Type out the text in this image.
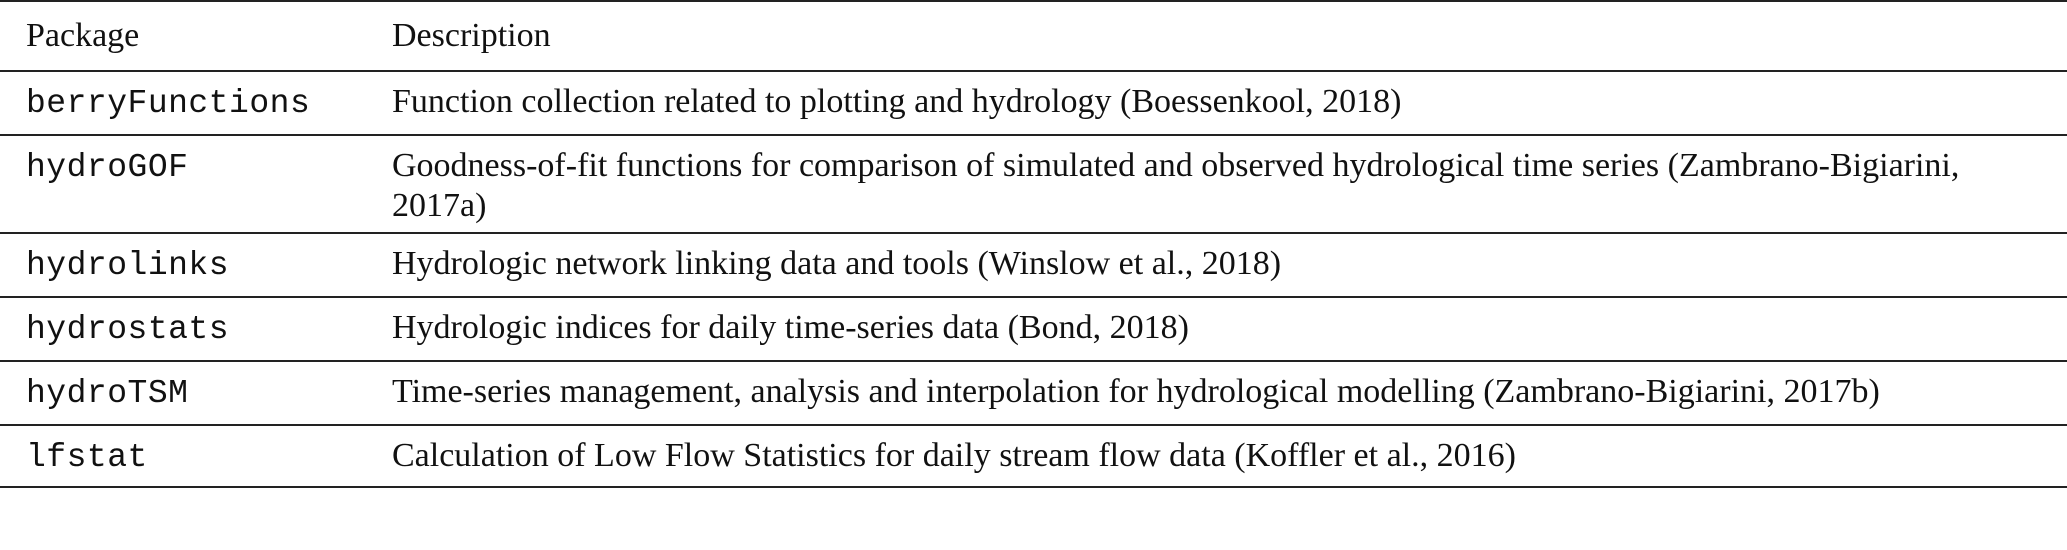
Package	Description
berryFunctions	Function collection related to plotting and hydrology (Boessenkool, 2018)
hydroGOF	Goodness-of-fit functions for comparison of simulated and observed hydrological time series (Zambrano-Bigiarini, 2017a)
hydrolinks	Hydrologic network linking data and tools (Winslow et al., 2018)
hydrostats	Hydrologic indices for daily time-series data (Bond, 2018)
hydroTSM	Time-series management, analysis and interpolation for hydrological modelling (Zambrano-Bigiarini, 2017b)
lfstat	Calculation of Low Flow Statistics for daily stream flow data (Koffler et al., 2016)
